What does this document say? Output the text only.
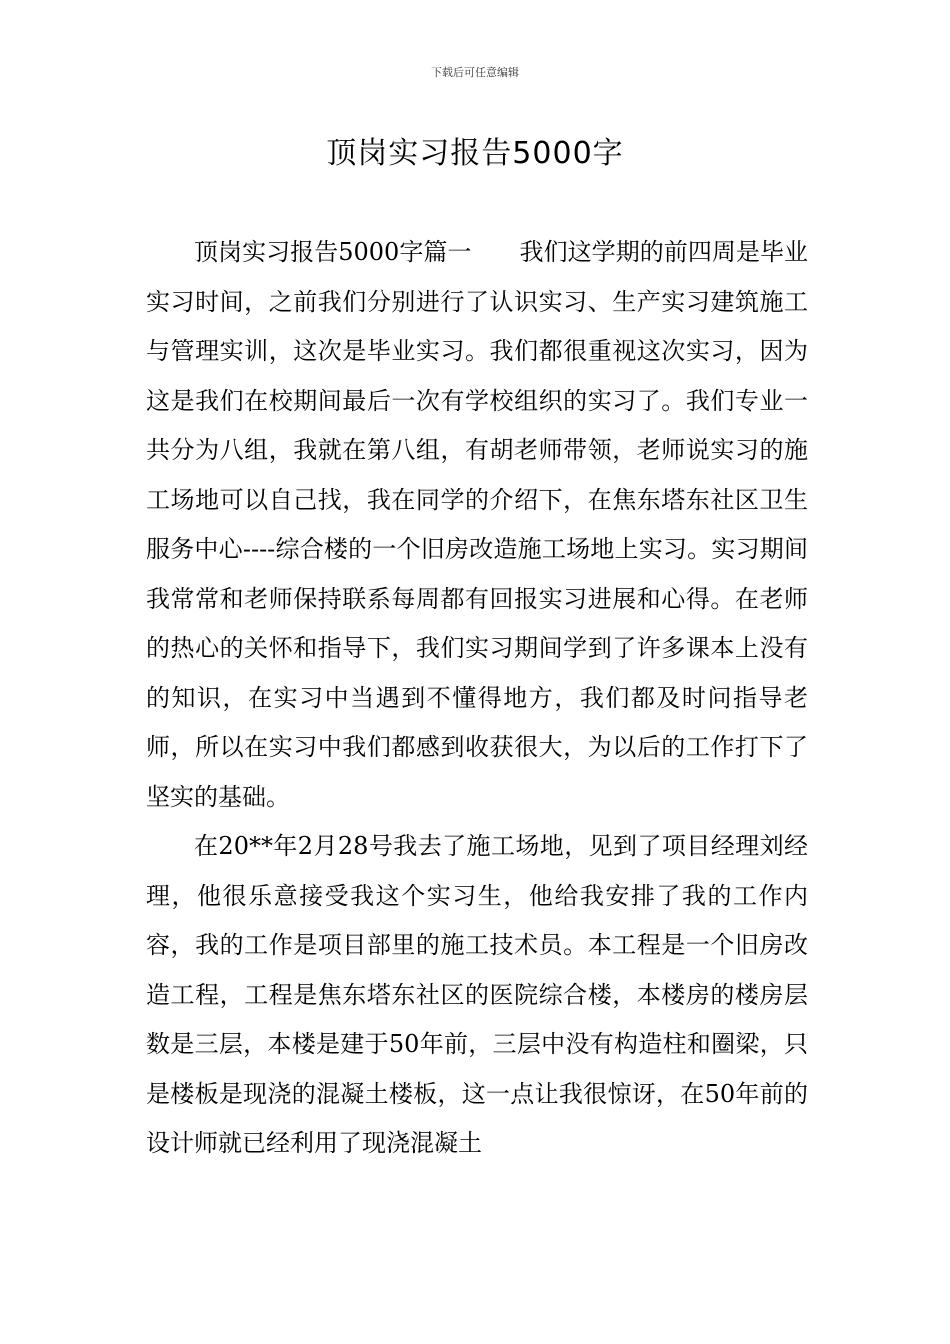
下载后可任意编辑
顶岗实习报告5000字

顶岗实习报告5000字篇一　　我们这学期的前四周是毕业实习时间，之前我们分别进行了认识实习、生产实习建筑施工与管理实训，这次是毕业实习。我们都很重视这次实习，因为这是我们在校期间最后一次有学校组织的实习了。我们专业一共分为八组，我就在第八组，有胡老师带领，老师说实习的施工场地可以自己找，我在同学的介绍下，在焦东塔东社区卫生服务中心----综合楼的一个旧房改造施工场地上实习。实习期间我常常和老师保持联系每周都有回报实习进展和心得。在老师的热心的关怀和指导下，我们实习期间学到了许多课本上没有的知识，在实习中当遇到不懂得地方，我们都及时问指导老师，所以在实习中我们都感到收获很大，为以后的工作打下了坚实的基础。

在20**年2月28号我去了施工场地，见到了项目经理刘经理，他很乐意接受我这个实习生，他给我安排了我的工作内容，我的工作是项目部里的施工技术员。本工程是一个旧房改造工程，工程是焦东塔东社区的医院综合楼，本楼房的楼房层数是三层，本楼是建于50年前，三层中没有构造柱和圈梁，只是楼板是现浇的混凝土楼板，这一点让我很惊讶，在50年前的设计师就已经利用了现浇混凝土
